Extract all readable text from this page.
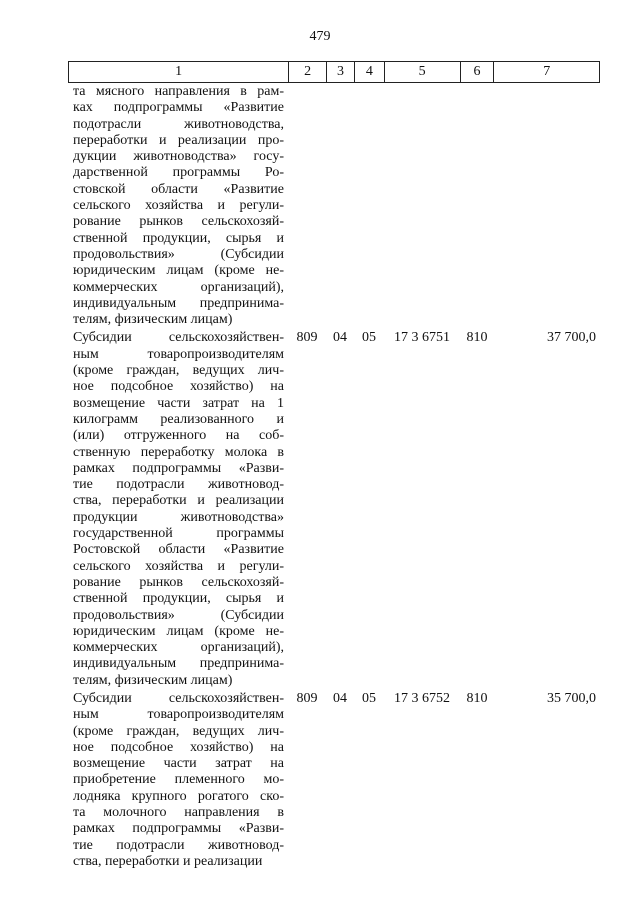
479
1	2	3	4	5	6	7
та мясного направления в рам-
ках подпрограммы «Развитие
подотрасли животноводства,
переработки и реализации про-
дукции животноводства» госу-
дарственной программы Ро-
стовской области «Развитие
сельского хозяйства и регули-
рование рынков сельскохозяй-
ственной продукции, сырья и
продовольствия» (Субсидии
юридическим лицам (кроме не-
коммерческих организаций),
индивидуальным предпринима-
телям, физическим лицам)
Субсидии сельскохозяйствен-
ным товаропроизводителям
(кроме граждан, ведущих лич-
ное подсобное хозяйство) на
возмещение части затрат на 1
килограмм реализованного и
(или) отгруженного на соб-
ственную переработку молока в
рамках подпрограммы «Разви-
тие подотрасли животновод-
ства, переработки и реализации
продукции животноводства»
государственной программы
Ростовской области «Развитие
сельского хозяйства и регули-
рование рынков сельскохозяй-
ственной продукции, сырья и
продовольствия» (Субсидии
юридическим лицам (кроме не-
коммерческих организаций),
индивидуальным предпринима-
телям, физическим лицам)
809	04	05	17 3 6751	810	37 700,0
Субсидии сельскохозяйствен-
ным товаропроизводителям
(кроме граждан, ведущих лич-
ное подсобное хозяйство) на
возмещение части затрат на
приобретение племенного мо-
лодняка крупного рогатого ско-
та молочного направления в
рамках подпрограммы «Разви-
тие подотрасли животновод-
ства, переработки и реализации
809	04	05	17 3 6752	810	35 700,0
